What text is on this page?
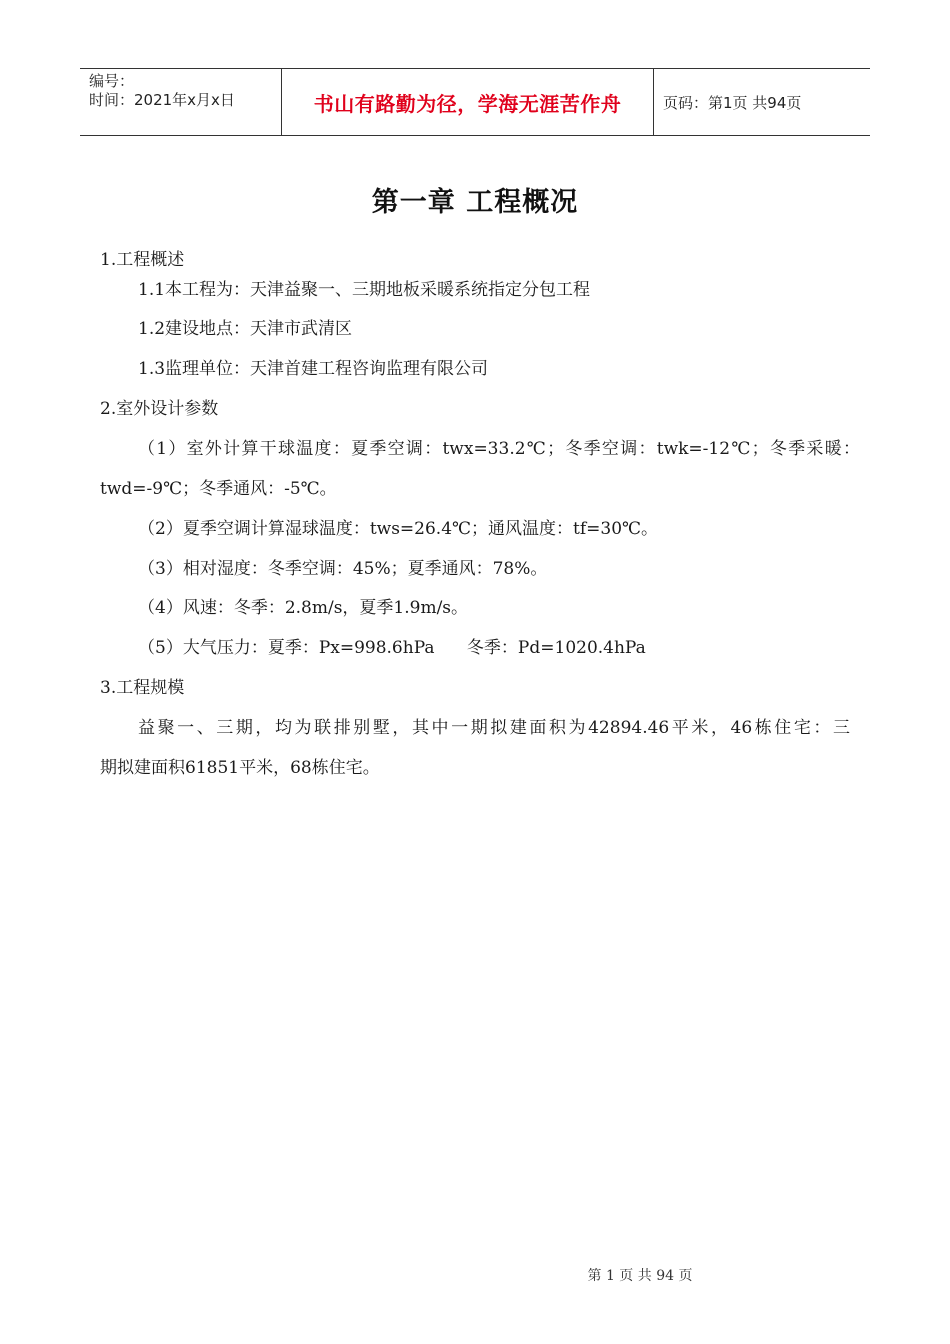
编号：
时间：2021年x月x日	书山有路勤为径，学海无涯苦作舟	页码：第1页 共94页
第一章 工程概况
1.工程概述
1.1本工程为：天津益聚一、三期地板采暖系统指定分包工程
1.2建设地点：天津市武清区
1.3监理单位：天津首建工程咨询监理有限公司
2.室外设计参数
（1）室外计算干球温度：夏季空调：twx=33.2℃；冬季空调：twk=-12℃；冬季采暖：
twd=-9℃；冬季通风：-5℃。
（2）夏季空调计算湿球温度：tws=26.4℃；通风温度：tf=30℃。
（3）相对湿度：冬季空调：45%；夏季通风：78%。
（4）风速：冬季：2.8m/s，夏季1.9m/s。
（5）大气压力：夏季：Px=998.6hPa      冬季：Pd=1020.4hPa
3.工程规模
益聚一、三期，均为联排别墅，其中一期拟建面积为42894.46平米，46栋住宅：三
期拟建面积61851平米，68栋住宅。
第 1 页 共 94 页
